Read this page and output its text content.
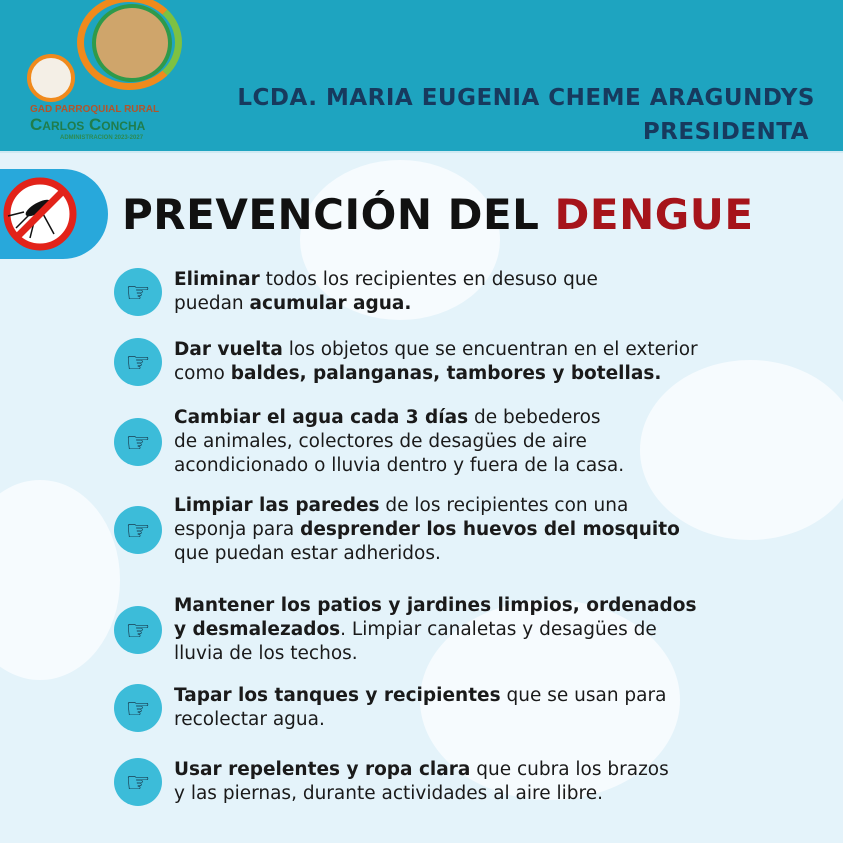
GAD PARROQUIAL RURAL
Carlos Concha
ADMINISTRACION 2023-2027
LCDA. MARIA EUGENIA CHEME ARAGUNDYS
PRESIDENTA
PREVENCIÓN DEL DENGUE
☞	Eliminar todos los recipientes en desuso que
puedan acumular agua.
☞	Dar vuelta los objetos que se encuentran en el exterior
como baldes, palanganas, tambores y botellas.
☞
Cambiar el agua cada 3 días de bebederos
de animales, colectores de desagües de aire
acondicionado o lluvia dentro y fuera de la casa.
☞
Limpiar las paredes de los recipientes con una
esponja para desprender los huevos del mosquito
que puedan estar adheridos.
☞
Mantener los patios y jardines limpios, ordenados
y desmalezados. Limpiar canaletas y desagües de
lluvia de los techos.
☞	Tapar los tanques y recipientes que se usan para
recolectar agua.
☞	Usar repelentes y ropa clara que cubra los brazos
y las piernas, durante actividades al aire libre.
